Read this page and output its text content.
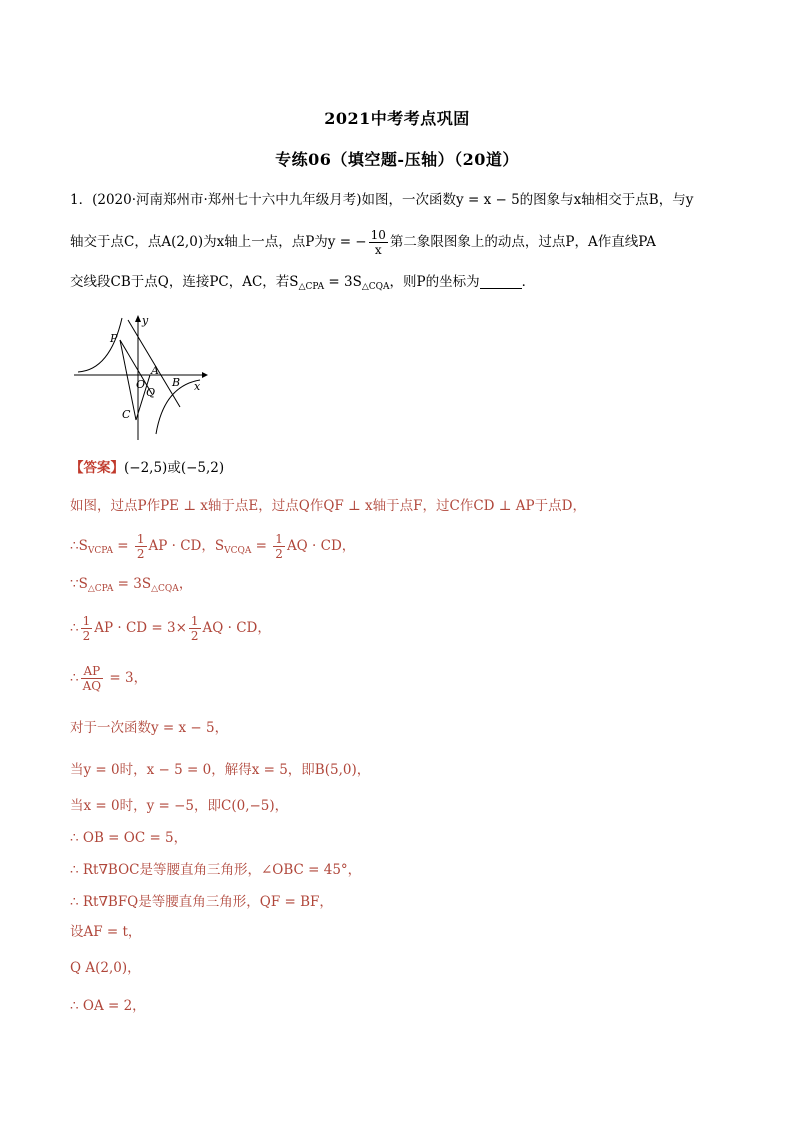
2021中考考点巩固
专练06（填空题-压轴）（20道）
1．(2020·河南郑州市·郑州七十六中九年级月考)如图，一次函数y = x − 5的图象与x轴相交于点B，与y
轴交于点C，点A(2,0)为x轴上一点，点P为y = − $\frac{10}{x}$ 第二象限图象上的动点，过点P，A作直线PA
交线段CB于点Q，连接PC，AC，若$S_{\triangle CPA} = 3S_{\triangle CQA}$，则P的坐标为	．
y
P
O
A
B x
Q
C
【答案】(−2,5)或(−5,2)
如图，过点P作PE ⊥ x轴于点E，过点Q作QF ⊥ x轴于点F，过C作CD ⊥ AP于点D，
$\therefore S_{VCPA} = \frac{1}{2}$ AP · CD，$S_{VCQA} = \frac{1}{2}$ AQ · CD，
$\because S_{\triangle CPA} = 3S_{\triangle CQA}$，
∴ $\frac{1}{2}$ AP · CD = $3\times \frac{1}{2}$ AQ · CD，
∴ $\frac{AP}{AQ} = 3$，
对于一次函数y = x − 5，
当y = 0时，x − 5 = 0，解得x = 5，即B(5,0)，
当x = 0时，y = −5，即C(0,−5)，
∴ OB = OC = 5，
∴ Rt∇BOC是等腰直角三角形，∠OBC = 45°，
∴ Rt∇BFQ是等腰直角三角形，QF = BF，
设AF = t，
Q A(2,0)，
∴ OA = 2，
